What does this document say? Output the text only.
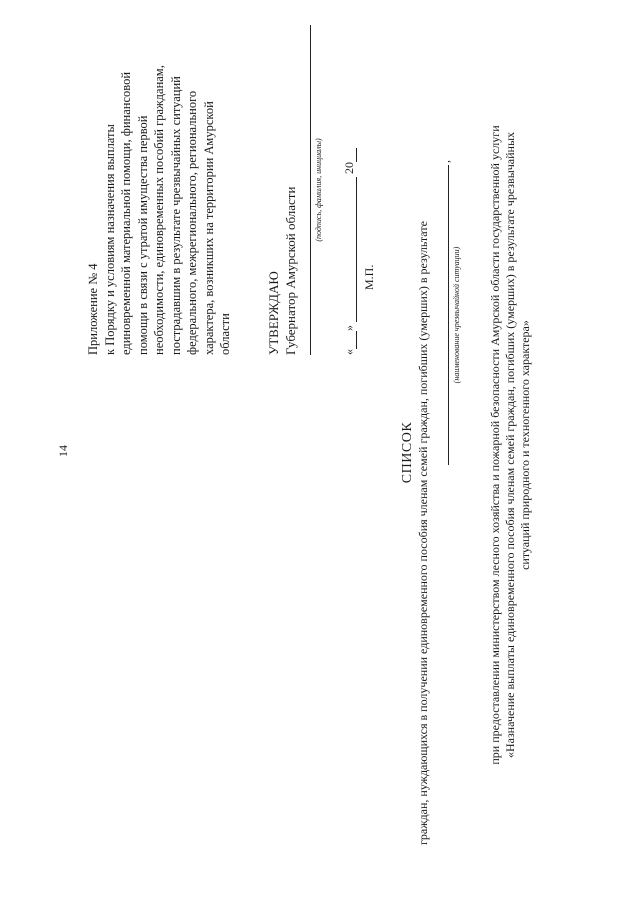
14
Приложение № 4 к Порядку и условиям назначения выплаты единовременной материальной помощи, финансовой помощи в связи с утратой имущества первой необходимости, единовременных пособий гражданам, пострадавшим в результате чрезвычайных ситуаций федерального, межрегионального, регионального характера, возникших на территории Амурской области	УТВЕРЖДАЮ Губернатор Амурской области (подпись, фамилия, инициалы)
«»  20
М.П.
СПИСОК граждан, нуждающихся в получении единовременного пособия членам семей граждан, погибших (умерших) в результате
,
(наименование чрезвычайной ситуации) при предоставлении министерством лесного хозяйства и пожарной безопасности Амурской области государственной услуги «Назначение выплаты единовременного пособия членам семей граждан, погибших (умерших) в результате чрезвычайных ситуаций природного и техногенного характера»
